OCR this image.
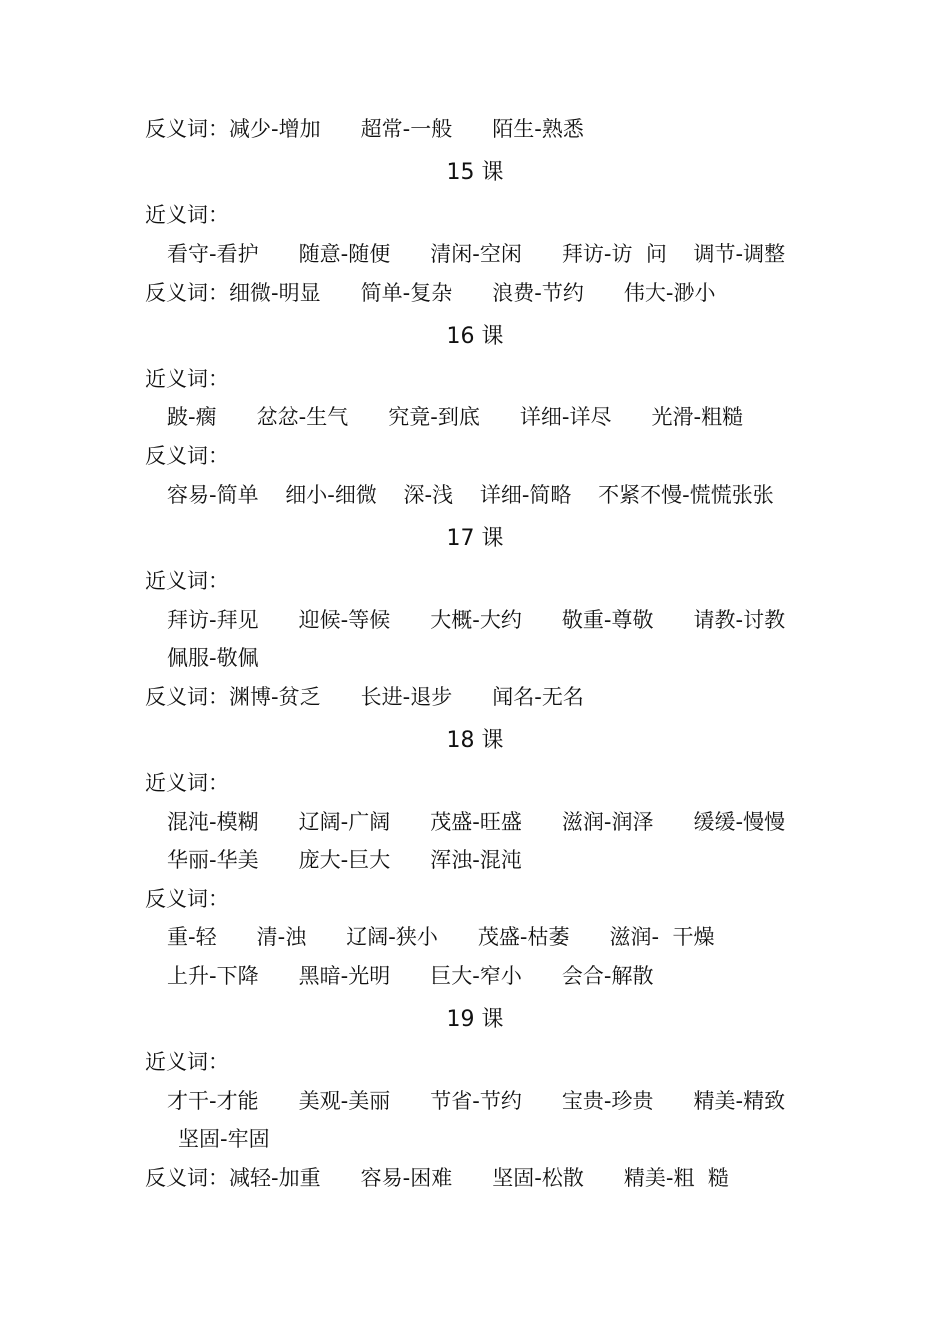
反义词：减少-增加      超常-一般      陌生-熟悉
15 课
近义词：
看守-看护      随意-随便      清闲-空闲      拜访-访  问    调节-调整
反义词：细微-明显      简单-复杂      浪费-节约      伟大-渺小
16 课
近义词：
跛-瘸      忿忿-生气      究竟-到底      详细-详尽      光滑-粗糙
反义词：
容易-简单    细小-细微    深-浅    详细-简略    不紧不慢-慌慌张张
17 课
近义词：
拜访-拜见      迎候-等候      大概-大约      敬重-尊敬      请教-讨教
佩服-敬佩
反义词：渊博-贫乏      长进-退步      闻名-无名
18 课
近义词：
混沌-模糊      辽阔-广阔      茂盛-旺盛      滋润-润泽      缓缓-慢慢
华丽-华美      庞大-巨大      浑浊-混沌
反义词：
重-轻      清-浊      辽阔-狭小      茂盛-枯萎      滋润-  干燥
上升-下降      黑暗-光明      巨大-窄小      会合-解散
19 课
近义词：
才干-才能      美观-美丽      节省-节约      宝贵-珍贵      精美-精致
坚固-牢固
反义词：减轻-加重      容易-困难      坚固-松散      精美-粗  糙
